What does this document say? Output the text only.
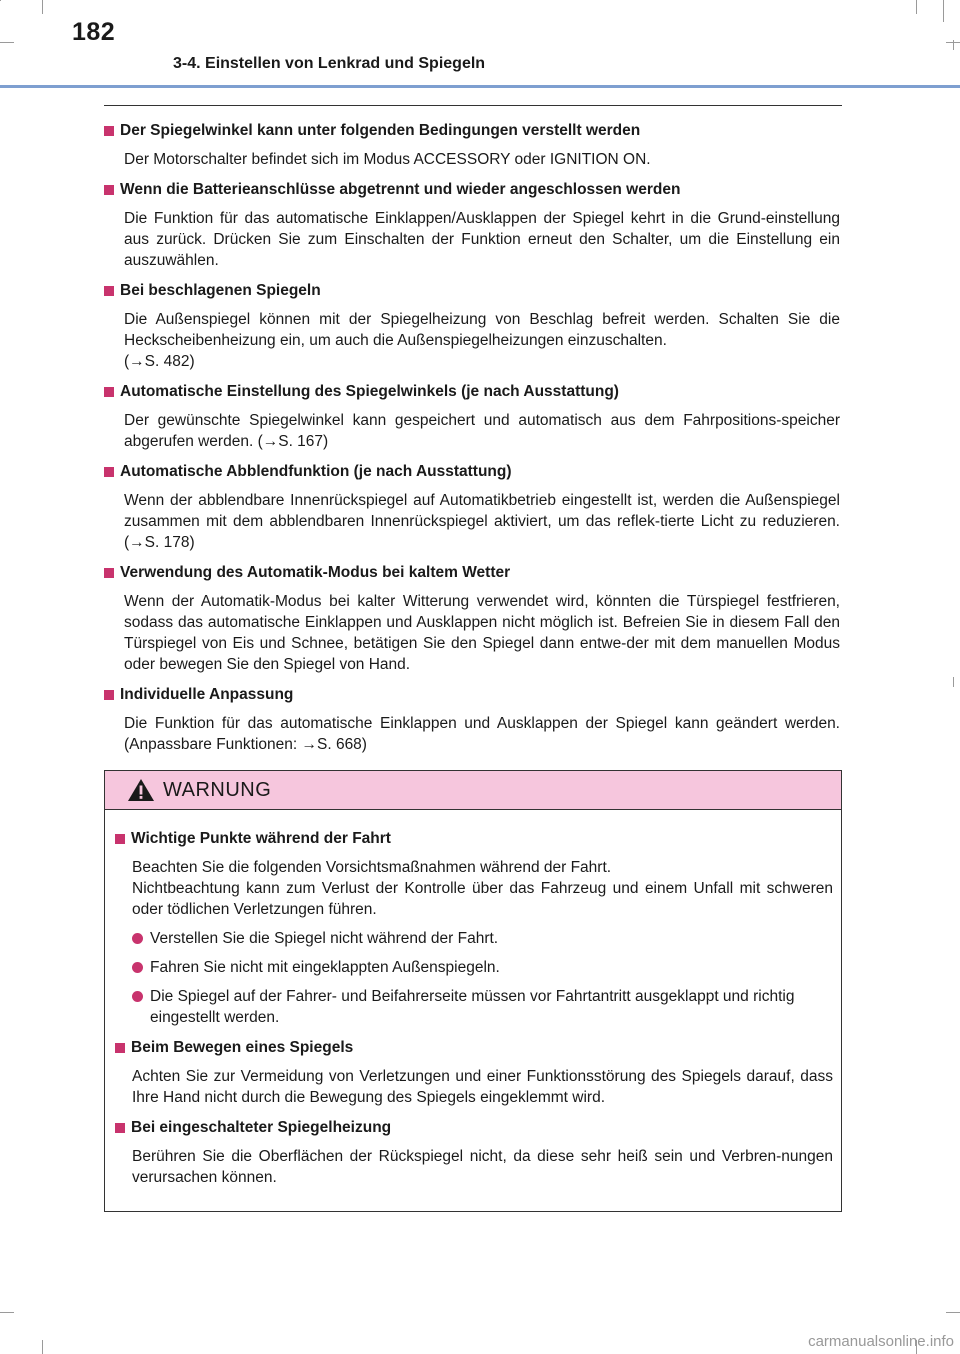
182
3-4. Einstellen von Lenkrad und Spiegeln
Der Spiegelwinkel kann unter folgenden Bedingungen verstellt werden

Der Motorschalter befindet sich im Modus ACCESSORY oder IGNITION ON.

Wenn die Batterieanschlüsse abgetrennt und wieder angeschlossen werden

Die Funktion für das automatische Einklappen/Ausklappen der Spiegel kehrt in die Grund-einstellung aus zurück. Drücken Sie zum Einschalten der Funktion erneut den Schalter, um die Einstellung ein auszuwählen.

Bei beschlagenen Spiegeln

Die Außenspiegel können mit der Spiegelheizung von Beschlag befreit werden. Schalten Sie die Heckscheibenheizung ein, um auch die Außenspiegelheizungen einzuschalten.

(→S. 482)

Automatische Einstellung des Spiegelwinkels (je nach Ausstattung)

Der gewünschte Spiegelwinkel kann gespeichert und automatisch aus dem Fahrpositions-speicher abgerufen werden. (→S. 167)

Automatische Abblendfunktion (je nach Ausstattung)

Wenn der abblendbare Innenrückspiegel auf Automatikbetrieb eingestellt ist, werden die Außenspiegel zusammen mit dem abblendbaren Innenrückspiegel aktiviert, um das reflek-tierte Licht zu reduzieren. (→S. 178)

Verwendung des Automatik-Modus bei kaltem Wetter

Wenn der Automatik-Modus bei kalter Witterung verwendet wird, könnten die Türspiegel festfrieren, sodass das automatische Einklappen und Ausklappen nicht möglich ist. Befreien Sie in diesem Fall den Türspiegel von Eis und Schnee, betätigen Sie den Spiegel dann entwe-der mit dem manuellen Modus oder bewegen Sie den Spiegel von Hand.

Individuelle Anpassung

Die Funktion für das automatische Einklappen und Ausklappen der Spiegel kann geändert werden. (Anpassbare Funktionen: →S. 668)

WARNUNG
Wichtige Punkte während der Fahrt

Beachten Sie die folgenden Vorsichtsmaßnahmen während der Fahrt.

Nichtbeachtung kann zum Verlust der Kontrolle über das Fahrzeug und einem Unfall mit schweren oder tödlichen Verletzungen führen.

Verstellen Sie die Spiegel nicht während der Fahrt.
Fahren Sie nicht mit eingeklappten Außenspiegeln.
Die Spiegel auf der Fahrer- und Beifahrerseite müssen vor Fahrtantritt ausgeklappt und richtig eingestellt werden.
Beim Bewegen eines Spiegels

Achten Sie zur Vermeidung von Verletzungen und einer Funktionsstörung des Spiegels darauf, dass Ihre Hand nicht durch die Bewegung des Spiegels eingeklemmt wird.

Bei eingeschalteter Spiegelheizung

Berühren Sie die Oberflächen der Rückspiegel nicht, da diese sehr heiß sein und Verbren-nungen verursachen können.

carmanualsonline.info
